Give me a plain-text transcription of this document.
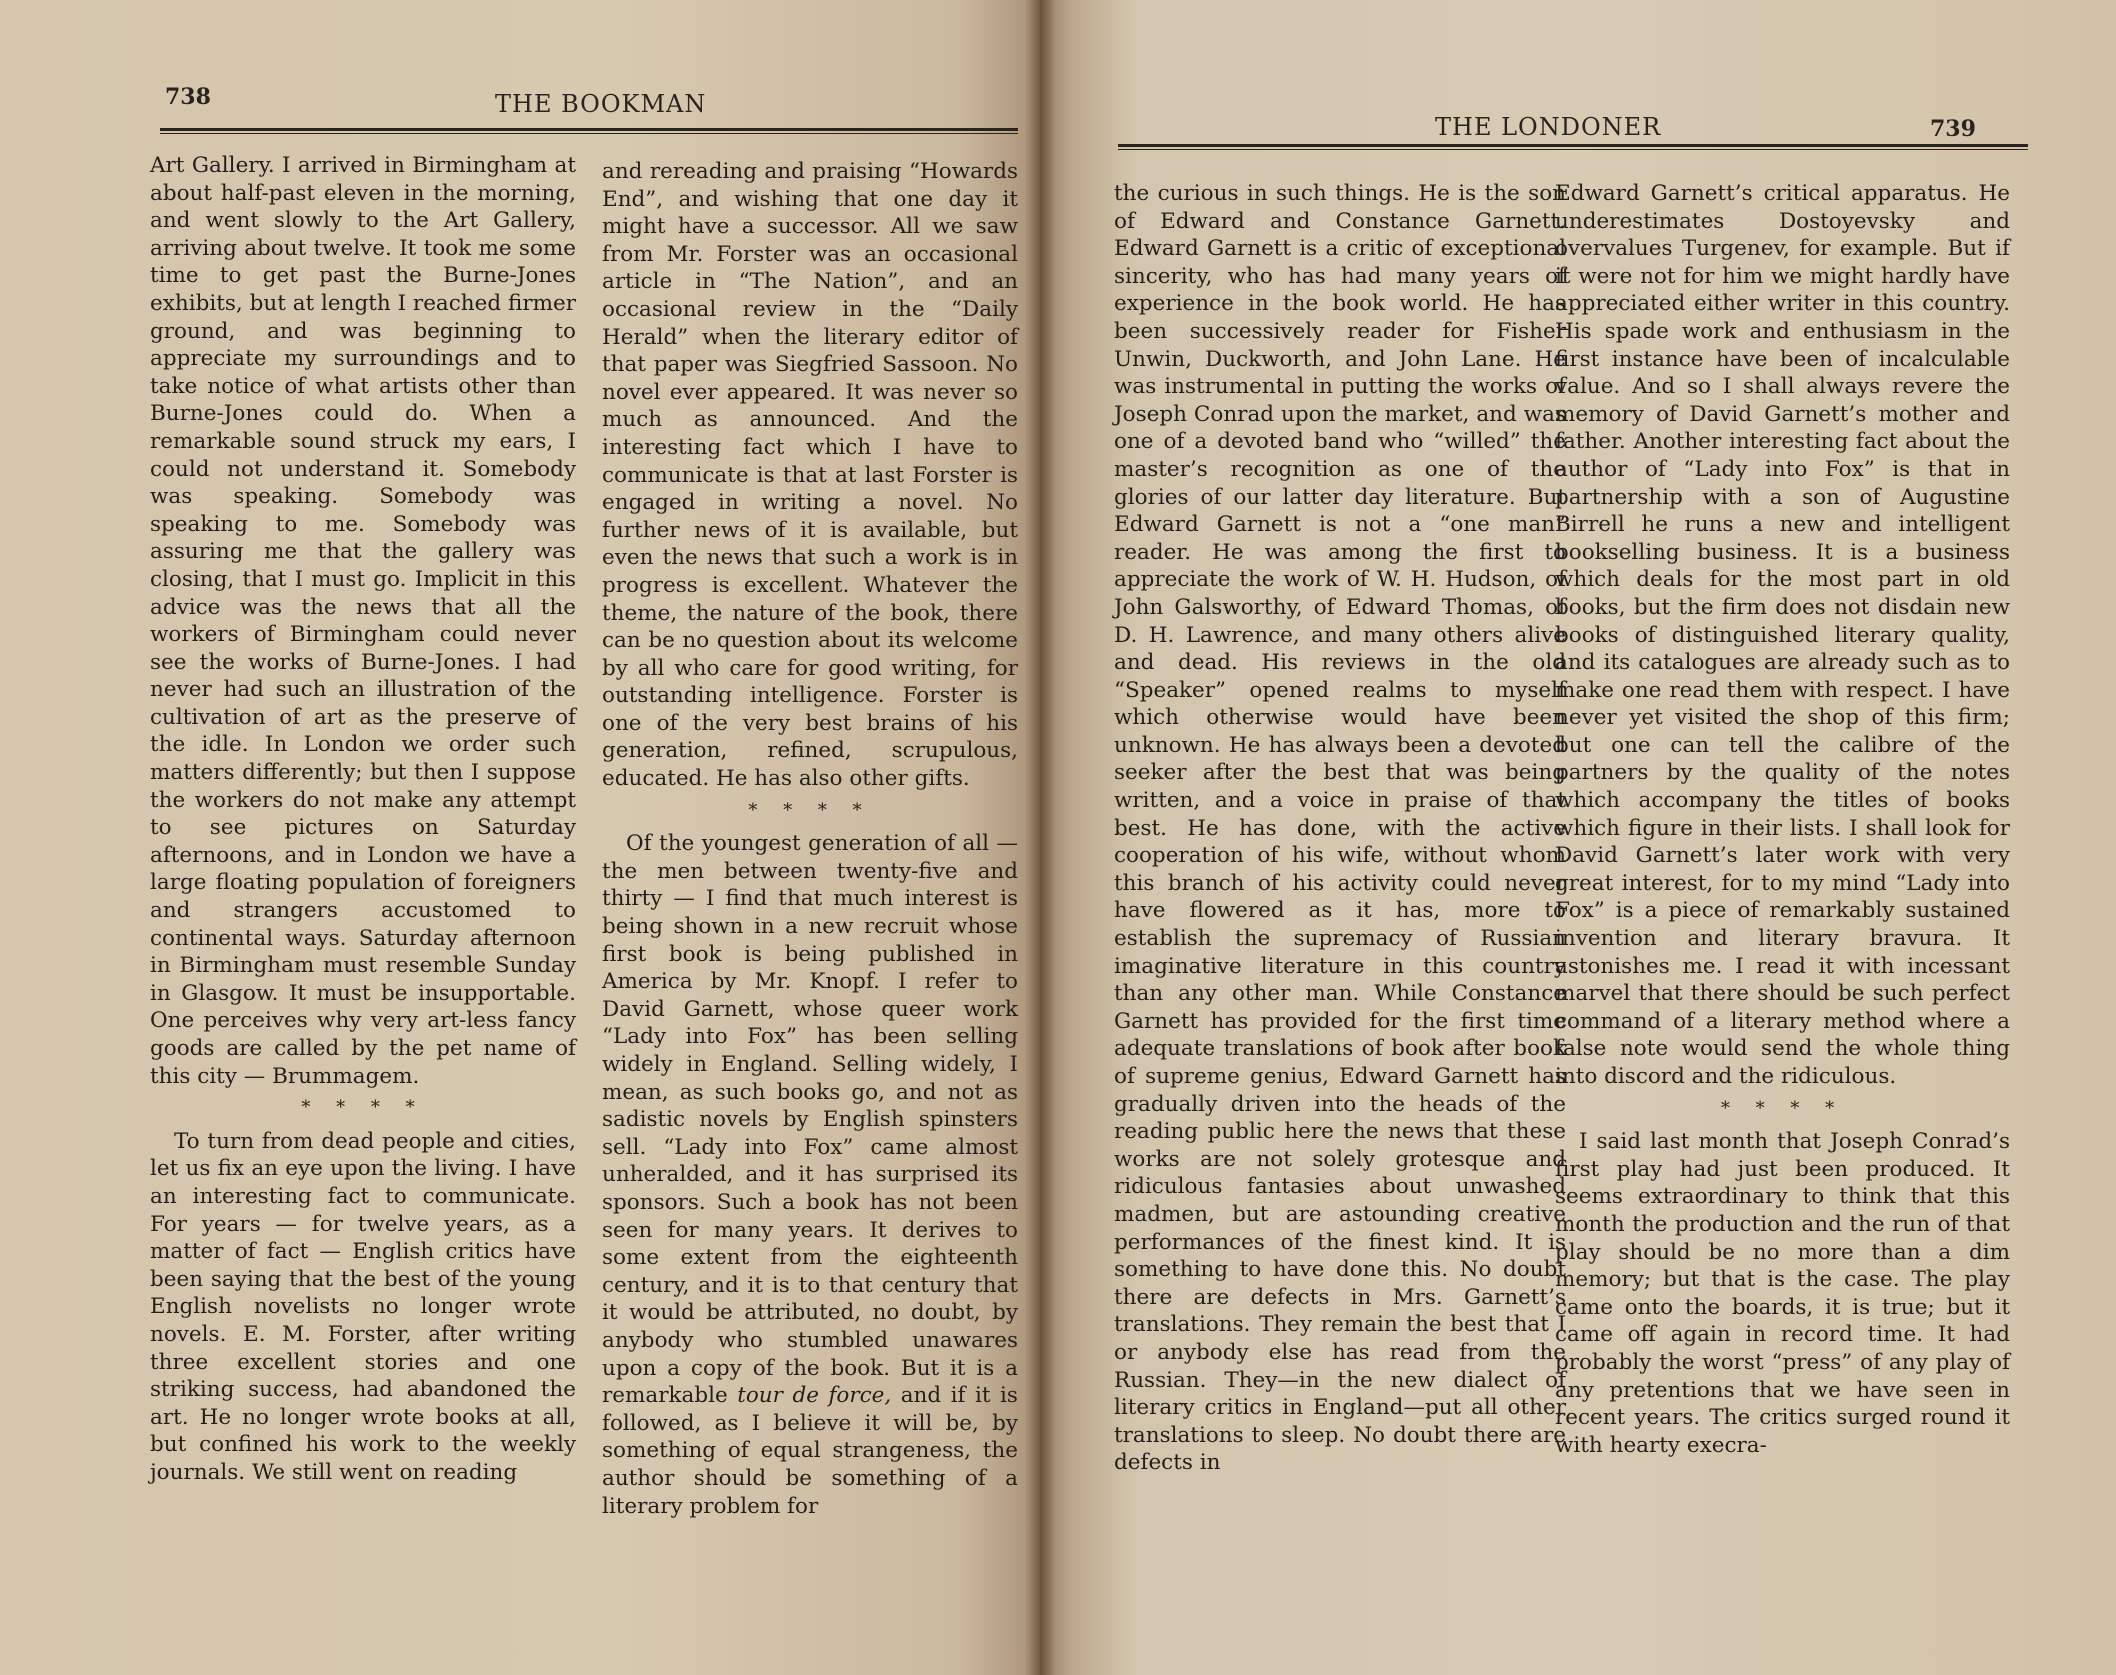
738	THE BOOKMAN

Art Gallery. I arrived in Birmingham at about half-past eleven in the morning, and went slowly to the Art Gallery, arriving about twelve. It took me some time to get past the Burne-Jones exhibits, but at length I reached firmer ground, and was beginning to appreciate my surroundings and to take notice of what artists other than Burne-Jones could do. When a remarkable sound struck my ears, I could not understand it. Somebody was speaking. Somebody was speaking to me. Somebody was assuring me that the gallery was closing, that I must go. Implicit in this advice was the news that all the workers of Birmingham could never see the works of Burne-Jones. I had never had such an illustration of the cultivation of art as the preserve of the idle. In London we order such matters differently; but then I suppose the workers do not make any attempt to see pictures on Saturday afternoons, and in London we have a large floating population of foreigners and strangers accustomed to continental ways. Saturday afternoon in Birmingham must resemble Sunday in Glasgow. It must be insupportable. One perceives why very art-less fancy goods are called by the pet name of this city — Brummagem.

* * * *

To turn from dead people and cities, let us fix an eye upon the living. I have an interesting fact to communicate. For years — for twelve years, as a matter of fact — English critics have been saying that the best of the young English novelists no longer wrote novels. E. M. Forster, after writing three excellent stories and one striking success, had abandoned the art. He no longer wrote books at all, but confined his work to the weekly journals. We still went on reading

and rereading and praising “Howards End”, and wishing that one day it might have a successor. All we saw from Mr. Forster was an occasional article in “The Nation”, and an occasional review in the “Daily Herald” when the literary editor of that paper was Siegfried Sassoon. No novel ever appeared. It was never so much as announced. And the interesting fact which I have to communicate is that at last Forster is engaged in writing a novel. No further news of it is available, but even the news that such a work is in progress is excellent. Whatever the theme, the nature of the book, there can be no question about its welcome by all who care for good writing, for outstanding intelligence. Forster is one of the very best brains of his generation, refined, scrupulous, educated. He has also other gifts.

* * * *

Of the youngest generation of all — the men between twenty-five and thirty — I find that much interest is being shown in a new recruit whose first book is being published in America by Mr. Knopf. I refer to David Garnett, whose queer work “Lady into Fox” has been selling widely in England. Selling widely, I mean, as such books go, and not as sadistic novels by English spinsters sell. “Lady into Fox” came almost unheralded, and it has surprised its sponsors. Such a book has not been seen for many years. It derives to some extent from the eighteenth century, and it is to that century that it would be attributed, no doubt, by anybody who stumbled unawares upon a copy of the book. But it is a remarkable tour de force, and if it is followed, as I believe it will be, by something of equal strangeness, the author should be something of a literary problem for

THE LONDONER	739

the curious in such things. He is the son of Edward and Constance Garnett. Edward Garnett is a critic of exceptional sincerity, who has had many years of experience in the book world. He has been successively reader for Fisher Unwin, Duckworth, and John Lane. He was instrumental in putting the works of Joseph Conrad upon the market, and was one of a devoted band who “willed” the master’s recognition as one of the glories of our latter day literature. But Edward Garnett is not a “one man” reader. He was among the first to appreciate the work of W. H. Hudson, of John Galsworthy, of Edward Thomas, of D. H. Lawrence, and many others alive and dead. His reviews in the old “Speaker” opened realms to myself which otherwise would have been unknown. He has always been a devoted seeker after the best that was being written, and a voice in praise of that best. He has done, with the active cooperation of his wife, without whom this branch of his activity could never have flowered as it has, more to establish the supremacy of Russian imaginative literature in this country than any other man. While Constance Garnett has provided for the first time adequate translations of book after book of supreme genius, Edward Garnett has gradually driven into the heads of the reading public here the news that these works are not solely grotesque and ridiculous fantasies about unwashed madmen, but are astounding creative performances of the finest kind. It is something to have done this. No doubt there are defects in Mrs. Garnett’s translations. They remain the best that I or anybody else has read from the Russian. They—in the new dialect of literary critics in England—put all other translations to sleep. No doubt there are defects in

Edward Garnett’s critical apparatus. He underestimates Dostoyevsky and overvalues Turgenev, for example. But if it were not for him we might hardly have appreciated either writer in this country. His spade work and enthusiasm in the first instance have been of incalculable value. And so I shall always revere the memory of David Garnett’s mother and father. Another interesting fact about the author of “Lady into Fox” is that in partnership with a son of Augustine Birrell he runs a new and intelligent bookselling business. It is a business which deals for the most part in old books, but the firm does not disdain new books of distinguished literary quality, and its catalogues are already such as to make one read them with respect. I have never yet visited the shop of this firm; but one can tell the calibre of the partners by the quality of the notes which accompany the titles of books which figure in their lists. I shall look for David Garnett’s later work with very great interest, for to my mind “Lady into Fox” is a piece of remarkably sustained invention and literary bravura. It astonishes me. I read it with incessant marvel that there should be such perfect command of a literary method where a false note would send the whole thing into discord and the ridiculous.

* * * *

I said last month that Joseph Conrad’s first play had just been produced. It seems extraordinary to think that this month the production and the run of that play should be no more than a dim memory; but that is the case. The play came onto the boards, it is true; but it came off again in record time. It had probably the worst “press” of any play of any pretentions that we have seen in recent years. The critics surged round it with hearty execra-
